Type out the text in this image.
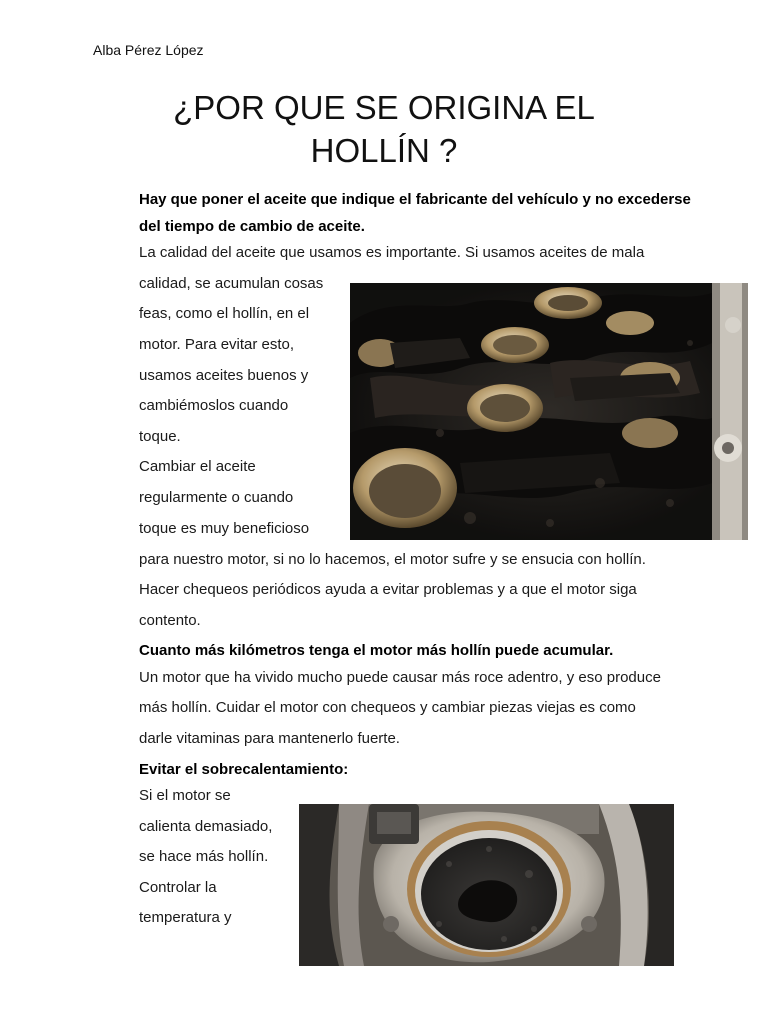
Alba Pérez López
¿POR QUE SE ORIGINA EL
HOLLÍN ?
Hay que poner el aceite que indique el fabricante del vehículo y no excederse
del tiempo de cambio de aceite.
La calidad del aceite que usamos es importante. Si usamos aceites de mala
calidad, se acumulan cosas
feas, como el hollín, en el
motor. Para evitar esto,
usamos aceites buenos y
cambiémoslos cuando
toque.
Cambiar el aceite
regularmente o cuando
toque es muy beneficioso
para nuestro motor, si no lo hacemos, el motor sufre y se ensucia con hollín.
Hacer chequeos periódicos ayuda a evitar problemas y a que el motor siga
contento.
Cuanto más kilómetros tenga el motor más hollín puede acumular.
Un motor que ha vivido mucho puede causar más roce adentro, y eso produce
más hollín. Cuidar el motor con chequeos y cambiar piezas viejas es como
darle vitaminas para mantenerlo fuerte.
Evitar el sobrecalentamiento:
Si el motor se
calienta demasiado,
se hace más hollín.
Controlar la
temperatura y
